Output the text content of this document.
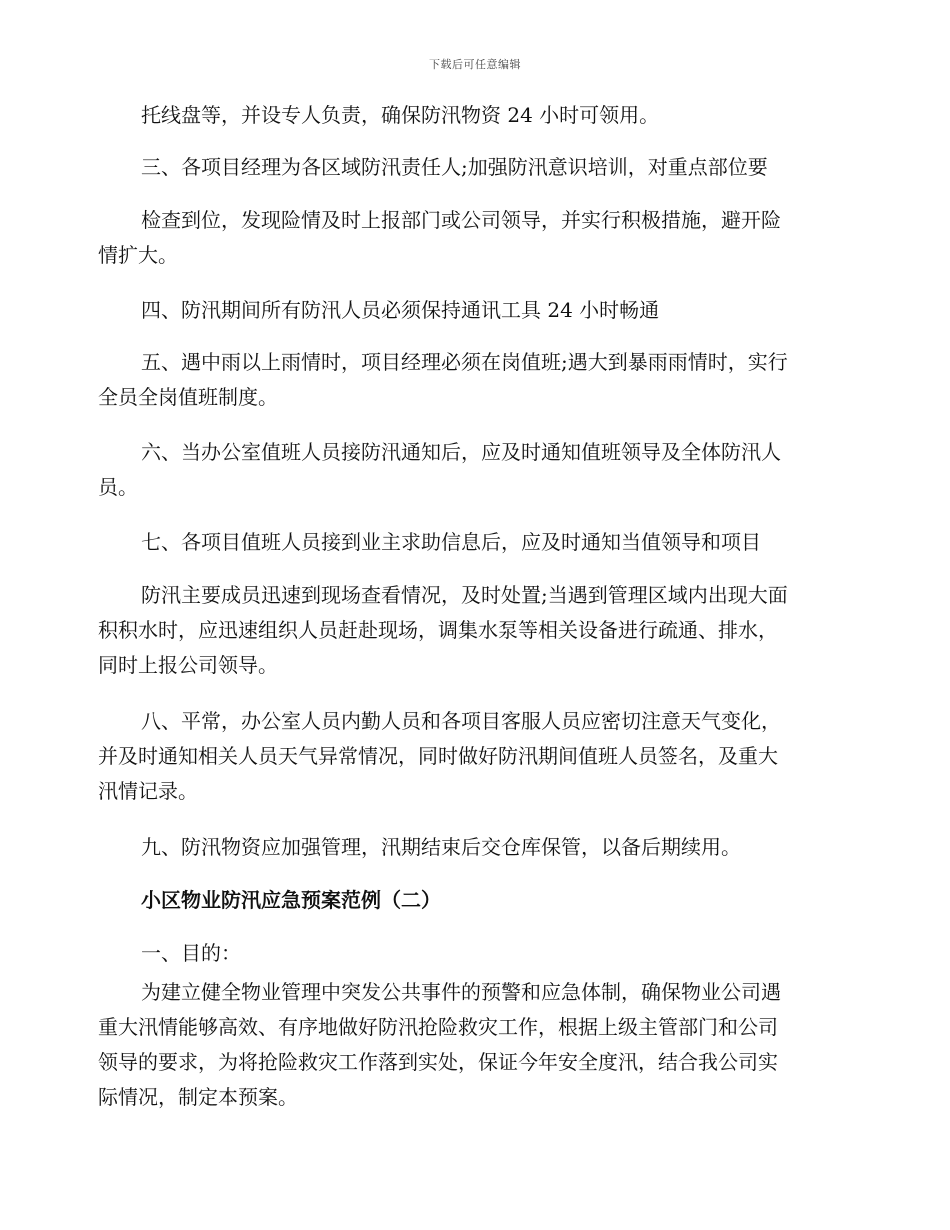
下载后可任意编辑
托线盘等，并设专人负责，确保防汛物资 24 小时可领用。
三、各项目经理为各区域防汛责任人;加强防汛意识培训，对重点部位要
检查到位，发现险情及时上报部门或公司领导，并实行积极措施，避开险
情扩大。
四、防汛期间所有防汛人员必须保持通讯工具 24 小时畅通
五、遇中雨以上雨情时，项目经理必须在岗值班;遇大到暴雨雨情时，实行
全员全岗值班制度。
六、当办公室值班人员接防汛通知后，应及时通知值班领导及全体防汛人
员。
七、各项目值班人员接到业主求助信息后，应及时通知当值领导和项目
防汛主要成员迅速到现场查看情况，及时处置;当遇到管理区域内出现大面
积积水时，应迅速组织人员赶赴现场，调集水泵等相关设备进行疏通、排水，
同时上报公司领导。
八、平常，办公室人员内勤人员和各项目客服人员应密切注意天气变化，
并及时通知相关人员天气异常情况，同时做好防汛期间值班人员签名，及重大
汛情记录。
九、防汛物资应加强管理，汛期结束后交仓库保管，以备后期续用。
小区物业防汛应急预案范例（二）
一、目的：
为建立健全物业管理中突发公共事件的预警和应急体制，确保物业公司遇
重大汛情能够高效、有序地做好防汛抢险救灾工作，根据上级主管部门和公司
领导的要求，为将抢险救灾工作落到实处，保证今年安全度汛，结合我公司实
际情况，制定本预案。
